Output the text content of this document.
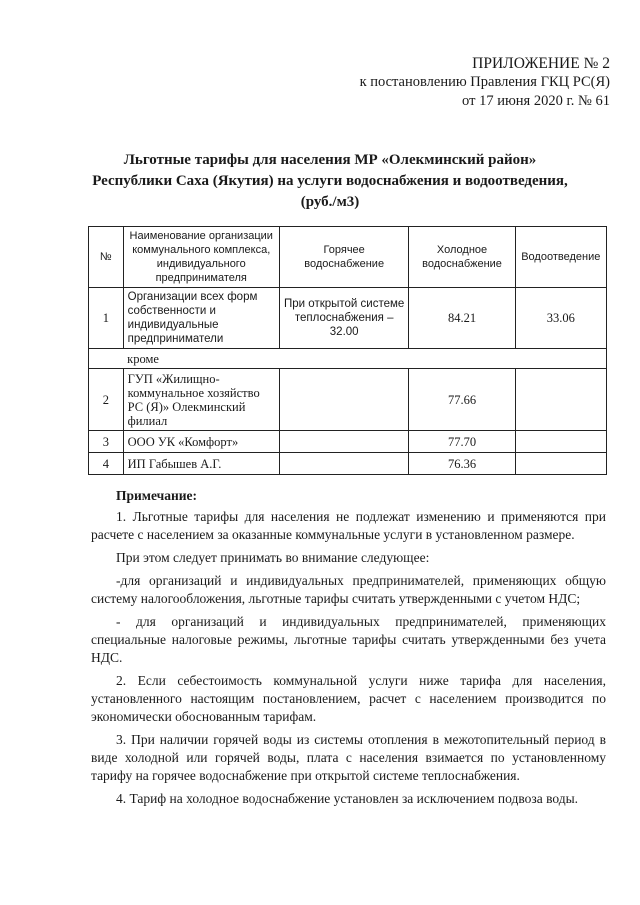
ПРИЛОЖЕНИЕ № 2
к постановлению Правления ГКЦ РС(Я)
от 17 июня 2020 г. № 61
Льготные тарифы для населения МР «Олекминский район»
Республики Саха (Якутия) на услуги водоснабжения и водоотведения,
(руб./м3)
№	Наименование организации коммунального комплекса, индивидуального предпринимателя	Горячее водоснабжение	Холодное водоснабжение	Водоотведение
1	Организации всех форм собственности и индивидуальные предприниматели	При открытой системе теплоснабжения – 32.00	84.21	33.06
	кроме			
2	ГУП «Жилищно-коммунальное хозяйство РС (Я)» Олекминский филиал		77.66	
3	ООО УК «Комфорт»		77.70	
4	ИП Габышев А.Г.		76.36	
Примечание:

1. Льготные тарифы для населения не подлежат изменению и применяются при расчете с населением за оказанные коммунальные услуги в установленном размере.

При этом следует принимать во внимание следующее:

-для организаций и индивидуальных предпринимателей, применяющих общую систему налогообложения, льготные тарифы считать утвержденными с учетом НДС;

- для организаций и индивидуальных предпринимателей, применяющих специальные налоговые режимы, льготные тарифы считать утвержденными без учета НДС.

2. Если себестоимость коммунальной услуги ниже тарифа для населения, установленного настоящим постановлением, расчет с населением производится по экономически обоснованным тарифам.

3. При наличии горячей воды из системы отопления в межотопительный период в виде холодной или горячей воды, плата с населения взимается по установленному тарифу на горячее водоснабжение при открытой системе теплоснабжения.

4. Тариф на холодное водоснабжение установлен за исключением подвоза воды.
